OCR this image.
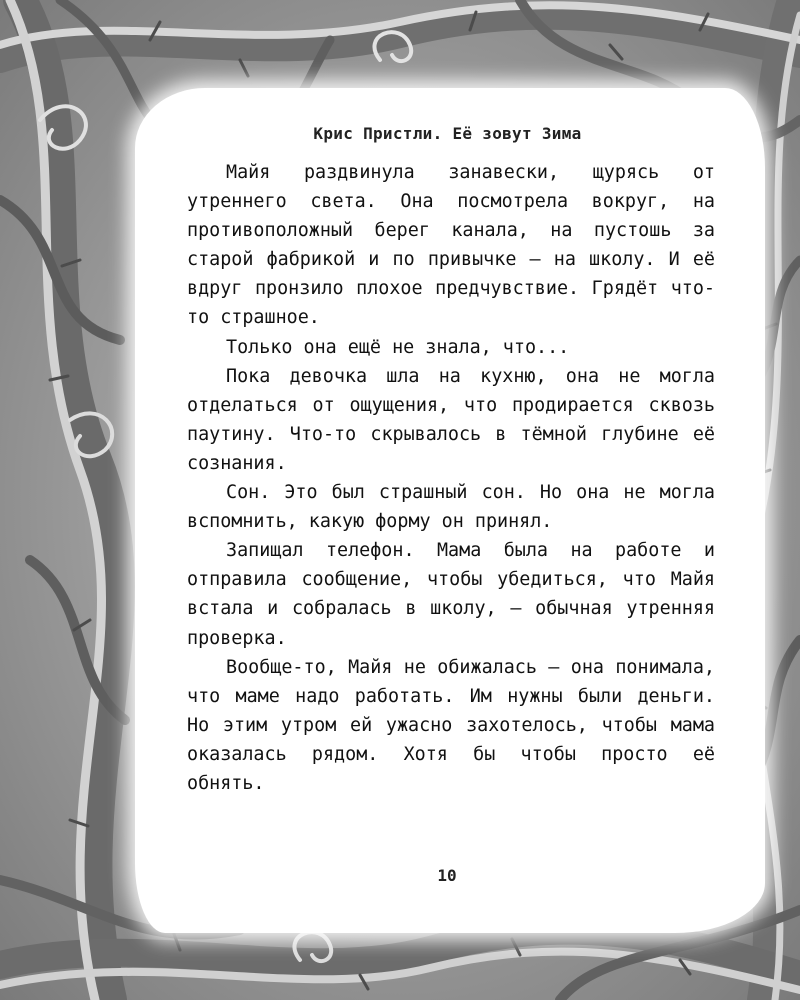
Крис Пристли. Её зовут Зима

Майя раздвинула занавески, щурясь от утреннего света. Она посмотрела вокруг, на противоположный берег канала, на пустошь за старой фабрикой и по привычке — на школу. И её вдруг пронзило плохое предчувствие. Грядёт что-то страшное.

Только она ещё не знала, что...

Пока девочка шла на кухню, она не могла отделаться от ощущения, что продирается сквозь паутину. Что-то скрывалось в тёмной глубине её сознания.

Сон. Это был страшный сон. Но она не могла вспомнить, какую форму он принял.

Запищал телефон. Мама была на работе и отправила сообщение, чтобы убедиться, что Майя встала и собралась в школу, — обычная утренняя проверка.

Вообще-то, Майя не обижалась — она понимала, что маме надо работать. Им нужны были деньги. Но этим утром ей ужасно захотелось, чтобы мама оказалась рядом. Хотя бы чтобы просто её обнять.

10
